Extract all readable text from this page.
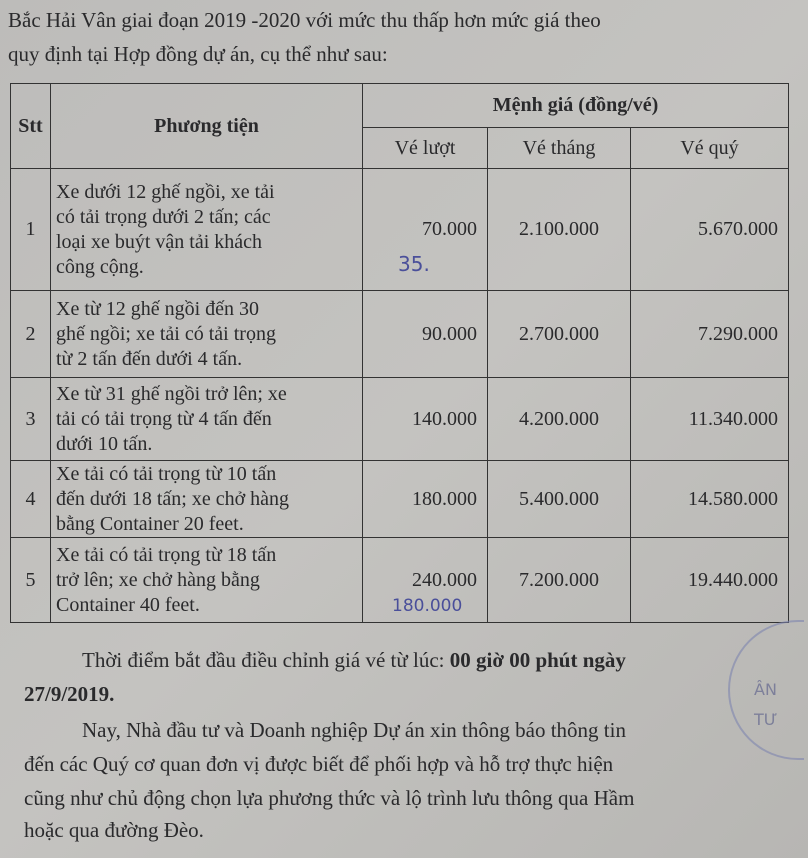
Bắc Hải Vân giai đoạn 2019 -2020 với mức thu thấp hơn mức giá theo
quy định tại Hợp đồng dự án, cụ thể như sau:
Stt	Phương tiện	Mệnh giá (đồng/vé)		
		Vé lượt	Vé tháng	Vé quý
1	Xe dưới 12 ghế ngồi, xe tải
có tải trọng dưới 2 tấn; các
loại xe buýt vận tải khách
công cộng.	70.000	2.100.000	5.670.000
2	Xe từ 12 ghế ngồi đến 30
ghế ngồi; xe tải có tải trọng
từ 2 tấn đến dưới 4 tấn.	90.000	2.700.000	7.290.000
3	Xe từ 31 ghế ngồi trở lên; xe
tải có tải trọng từ 4 tấn đến
dưới 10 tấn.	140.000	4.200.000	11.340.000
4	Xe tải có tải trọng từ 10 tấn
đến dưới 18 tấn; xe chở hàng
bằng Container 20 feet.	180.000	5.400.000	14.580.000
5	Xe tải có tải trọng từ 18 tấn
trở lên; xe chở hàng bằng
Container 40 feet.	240.000	7.200.000	19.440.000
35.
180.000
Thời điểm bắt đầu điều chỉnh giá vé từ lúc: 00 giờ 00 phút ngày
27/9/2019.
Nay, Nhà đầu tư và Doanh nghiệp Dự án xin thông báo thông tin
đến các Quý cơ quan đơn vị được biết để phối hợp và hỗ trợ thực hiện
cũng như chủ động chọn lựa phương thức và lộ trình lưu thông qua Hầm
hoặc qua đường Đèo.
ÂN
TƯ
